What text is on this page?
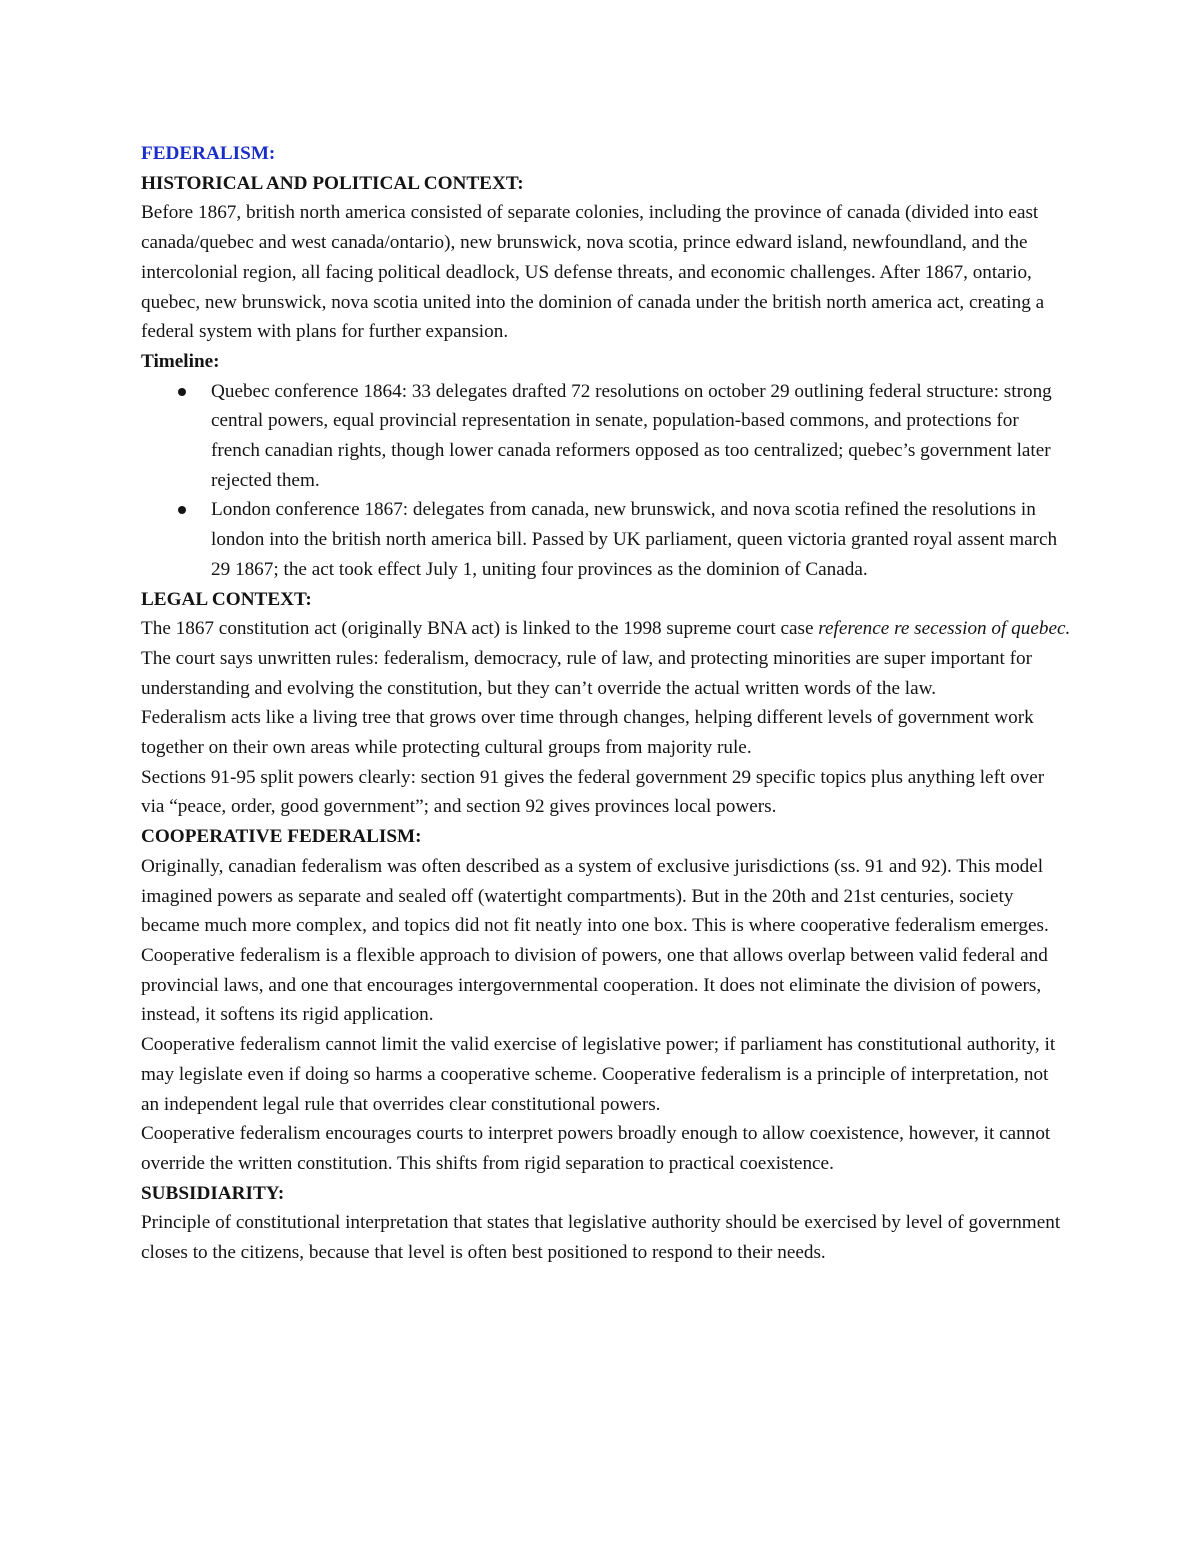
FEDERALISM:
HISTORICAL AND POLITICAL CONTEXT:

Before 1867, british north america consisted of separate colonies, including the province of canada (divided into east canada/quebec and west canada/ontario), new brunswick, nova scotia, prince edward island, newfoundland, and the intercolonial region, all facing political deadlock, US defense threats, and economic challenges. After 1867, ontario, quebec, new brunswick, nova scotia united into the dominion of canada under the british north america act, creating a federal system with plans for further expansion.

Timeline:
Quebec conference 1864: 33 delegates drafted 72 resolutions on october 29 outlining federal structure: strong central powers, equal provincial representation in senate, population-based commons, and protections for french canadian rights, though lower canada reformers opposed as too centralized; quebec’s government later rejected them.
London conference 1867: delegates from canada, new brunswick, and nova scotia refined the resolutions in london into the british north america bill. Passed by UK parliament, queen victoria granted royal assent march 29 1867; the act took effect July 1, uniting four provinces as the dominion of Canada.
LEGAL CONTEXT:

The 1867 constitution act (originally BNA act) is linked to the 1998 supreme court case reference re secession of quebec. The court says unwritten rules: federalism, democracy, rule of law, and protecting minorities are super important for understanding and evolving the constitution, but they can’t override the actual written words of the law.

Federalism acts like a living tree that grows over time through changes, helping different levels of government work together on their own areas while protecting cultural groups from majority rule.

Sections 91-95 split powers clearly: section 91 gives the federal government 29 specific topics plus anything left over via “peace, order, good government”; and section 92 gives provinces local powers.

COOPERATIVE FEDERALISM:

Originally, canadian federalism was often described as a system of exclusive jurisdictions (ss. 91 and 92). This model imagined powers as separate and sealed off (watertight compartments). But in the 20th and 21st centuries, society became much more complex, and topics did not fit neatly into one box. This is where cooperative federalism emerges.

Cooperative federalism is a flexible approach to division of powers, one that allows overlap between valid federal and provincial laws, and one that encourages intergovernmental cooperation. It does not eliminate the division of powers, instead, it softens its rigid application.

Cooperative federalism cannot limit the valid exercise of legislative power; if parliament has constitutional authority, it may legislate even if doing so harms a cooperative scheme. Cooperative federalism is a principle of interpretation, not an independent legal rule that overrides clear constitutional powers.

Cooperative federalism encourages courts to interpret powers broadly enough to allow coexistence, however, it cannot override the written constitution. This shifts from rigid separation to practical coexistence.

SUBSIDIARITY:

Principle of constitutional interpretation that states that legislative authority should be exercised by level of government closes to the citizens, because that level is often best positioned to respond to their needs.
